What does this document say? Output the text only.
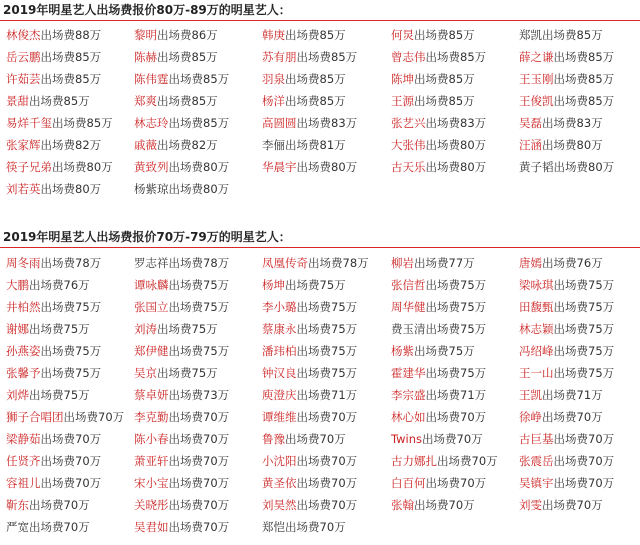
2019年明星艺人出场费报价80万-89万的明星艺人：
林俊杰出场费88万	黎明出场费86万	韩庚出场费85万	何炅出场费85万	郑凯出场费85万
岳云鹏出场费85万	陈赫出场费85万	苏有朋出场费85万	曾志伟出场费85万	薛之谦出场费85万
许茹芸出场费85万	陈伟霆出场费85万	羽泉出场费85万	陈坤出场费85万	王玉刚出场费85万
景甜出场费85万	郑爽出场费85万	杨洋出场费85万	王源出场费85万	王俊凯出场费85万
易烊千玺出场费85万 林志玲出场费85万	高圆圆出场费83万	张艺兴出场费83万	吴磊出场费83万
张家辉出场费82万	戚薇出场费82万	李俪出场费81万	大张伟出场费80万	汪涵出场费80万
筷子兄弟出场费80万 黄致列出场费80万	华晨宇出场费80万	古天乐出场费80万	黄子韬出场费80万
刘若英出场费80万	杨紫琼出场费80万
2019年明星艺人出场费报价70万-79万的明星艺人：
周冬雨出场费78万	罗志祥出场费78万	凤凰传奇出场费78万 柳岩出场费77万	唐嫣出场费76万
大鹏出场费76万	谭咏麟出场费75万	杨坤出场费75万	张信哲出场费75万	梁咏琪出场费75万
井柏然出场费75万	张国立出场费75万	李小璐出场费75万	周华健出场费75万	田馥甄出场费75万
谢娜出场费75万	刘涛出场费75万	蔡康永出场费75万	费玉清出场费75万	林志颖出场费75万
孙燕姿出场费75万	郑伊健出场费75万	潘玮柏出场费75万	杨紫出场费75万	冯绍峰出场费75万
张馨予出场费75万	吴京出场费75万	钟汉良出场费75万	霍建华出场费75万	王一山出场费75万
刘烨出场费75万	蔡卓妍出场费73万	庾澄庆出场费71万	李宗盛出场费71万	王凯出场费71万
狮子合唱团出场费70万 李克勤出场费70万	谭维维出场费70万	林心如出场费70万	徐峥出场费70万
梁静茹出场费70万	陈小春出场费70万	鲁豫出场费70万	Twins出场费70万	古巨基出场费70万
任贤齐出场费70万	萧亚轩出场费70万	小沈阳出场费70万	古力娜扎出场费70万 张震岳出场费70万
容祖儿出场费70万	宋小宝出场费70万	黄圣依出场费70万	白百何出场费70万	吴镇宇出场费70万
靳东出场费70万	关晓彤出场费70万	刘昊然出场费70万	张翰出场费70万	刘雯出场费70万
严宽出场费70万	吴君如出场费70万	郑恺出场费70万
